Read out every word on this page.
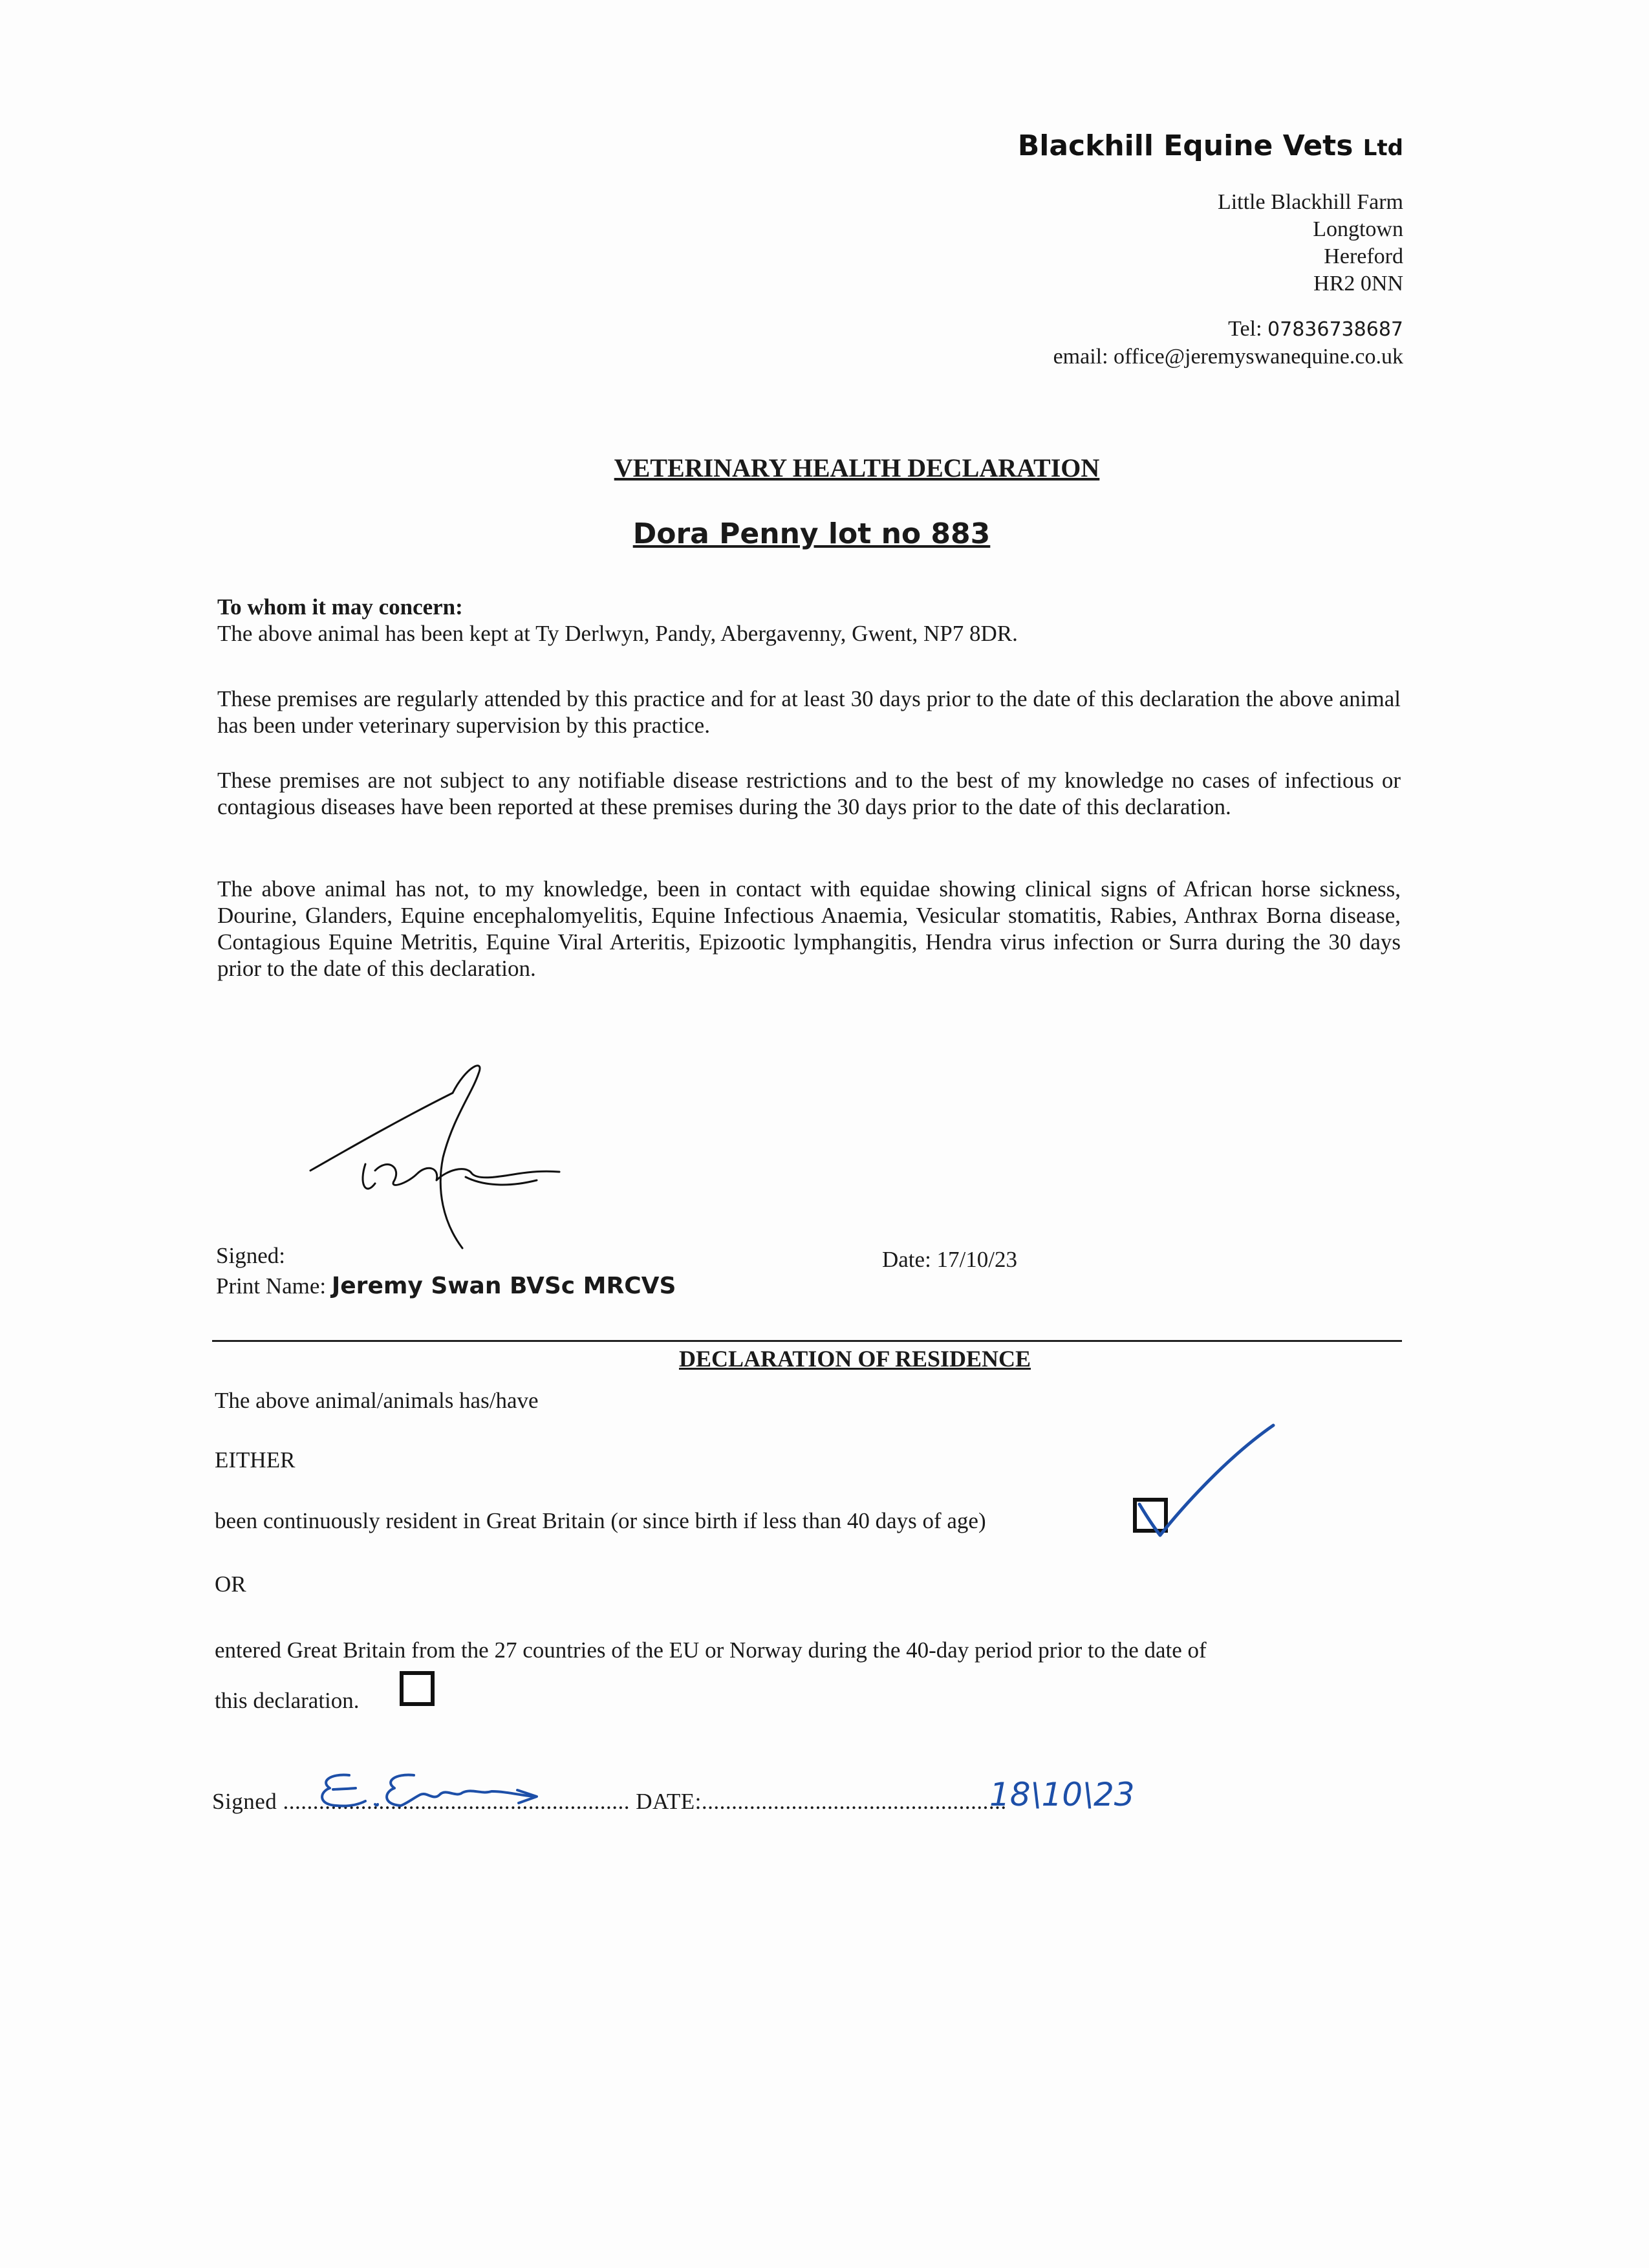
Blackhill Equine Vets Ltd
Little Blackhill Farm
Longtown
Hereford
HR2 0NN
Tel: 07836738687
email: office@jeremyswanequine.co.uk
VETERINARY HEALTH DECLARATION
Dora Penny lot no 883
To whom it may concern:
The above animal has been kept at Ty Derlwyn, Pandy, Abergavenny, Gwent, NP7 8DR.
These premises are regularly attended by this practice and for at least 30 days prior to the date of this declaration the above animal has been under veterinary supervision by this practice.
These premises are not subject to any notifiable disease restrictions and to the best of my knowledge no cases of infectious or contagious diseases have been reported at these premises during the 30 days prior to the date of this declaration.
The above animal has not, to my knowledge, been in contact with equidae showing clinical signs of African horse sickness, Dourine, Glanders, Equine encephalomyelitis, Equine Infectious Anaemia, Vesicular stomatitis, Rabies, Anthrax Borna disease, Contagious Equine Metritis, Equine Viral Arteritis, Epizootic lymphangitis, Hendra virus infection or Surra during the 30 days prior to the date of this declaration.
Signed:
Print Name: Jeremy Swan BVSc MRCVS
Date: 17/10/23
DECLARATION OF RESIDENCE
The above animal/animals has/have
EITHER
been continuously resident in Great Britain (or since birth if less than 40 days of age)
OR
entered Great Britain from the 27 countries of the EU or Norway during the 40-day period prior to the date of
this declaration.
Signed .......................................................... DATE:...................................................
18\10\23
